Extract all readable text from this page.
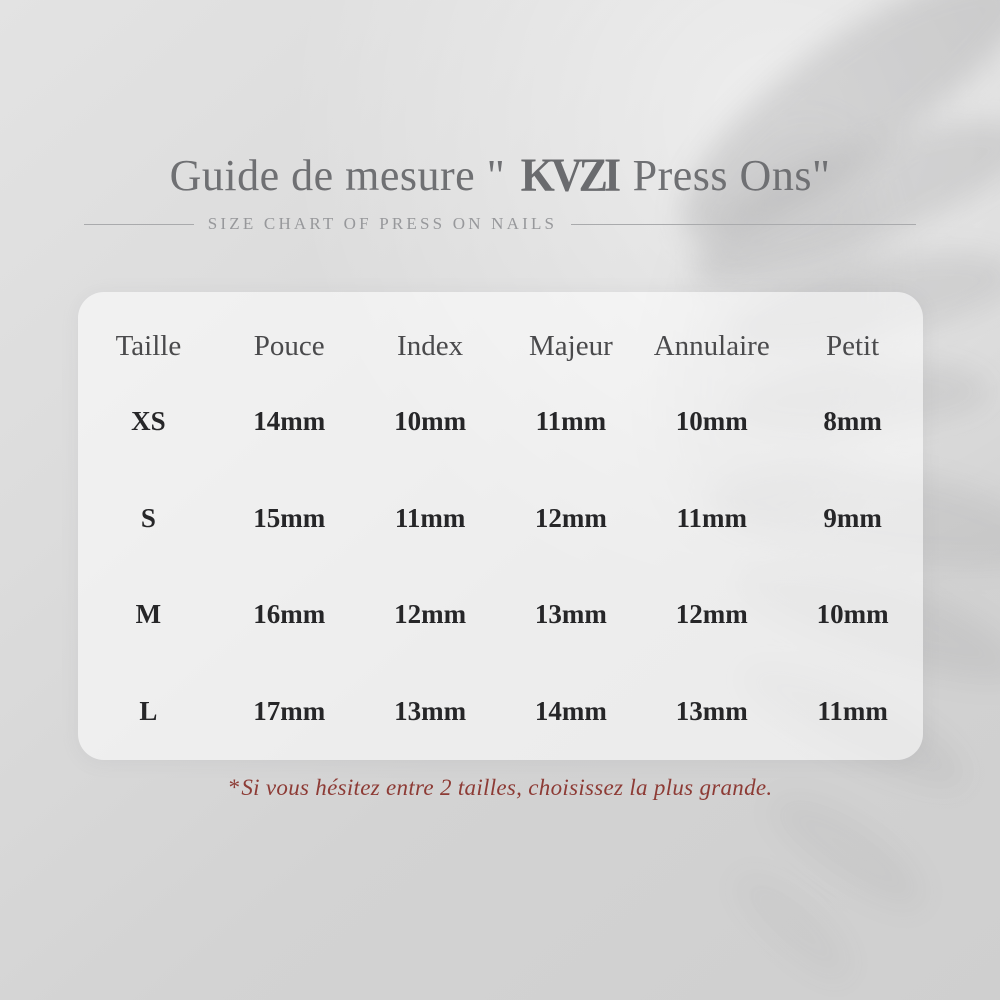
Guide de mesure " KVZI Press Ons"
SIZE CHART OF PRESS ON NAILS
Taille	Pouce	Index	Majeur	Annulaire	Petit
XS	14mm	10mm	11mm	10mm	8mm
S	15mm	11mm	12mm	11mm	9mm
M	16mm	12mm	13mm	12mm	10mm
L	17mm	13mm	14mm	13mm	11mm
*Si vous hésitez entre 2 tailles, choisissez la plus grande.
